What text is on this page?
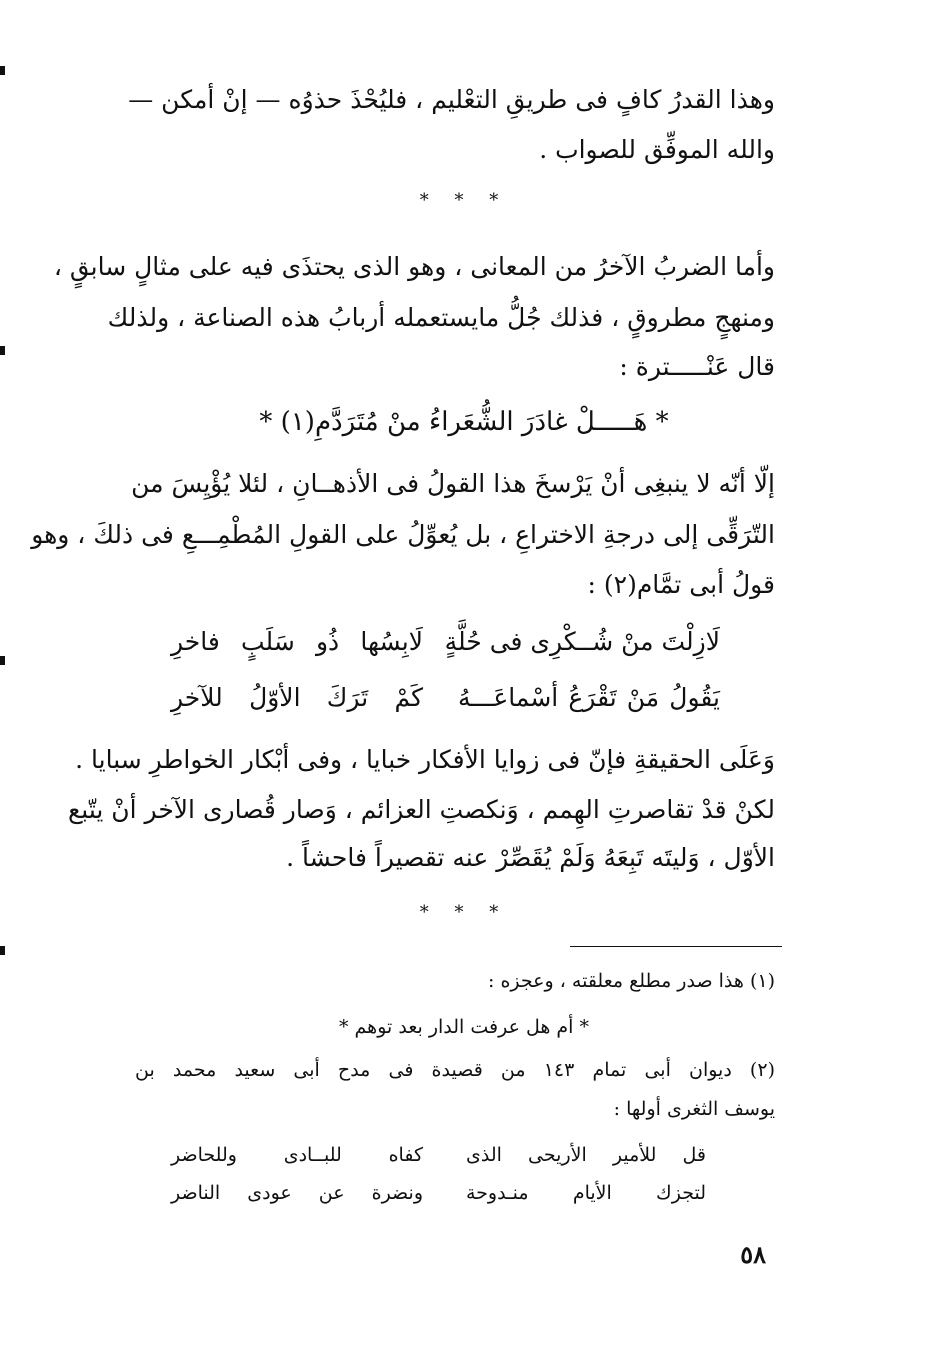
وهذا القدرُ كافٍ فى طريقِ التعْليم ، فليُحْذَ حذوُه — إنْ أمكن —
والله الموفِّق للصواب .
* * *
وأما الضربُ الآخرُ من المعانى ، وهو الذى يحتذَى فيه على مثالٍ سابقٍ ،
ومنهجٍ مطروقٍ ، فذلك جُلُّ مايستعمله أربابُ هذه الصناعة ، ولذلك
قال عَنْـــــترة :
* هَـــــلْ غادَرَ الشُّعَراءُ منْ مُتَرَدَّمِ(١) *
إلّا أنّه لا ينبغِى أنْ يَرْسخَ هذا القولُ فى الأذهــانِ ، لئلا يُؤْيِسَ من
التّرَقِّى إلى درجةِ الاختراعِ ، بل يُعوِّلُ على القولِ المُطْمِـــعِ فى ذلكَ ، وهو
قولُ أبى تمَّام(٢) :
لَازِلْتَ منْ شُــكْرِى فى حُلَّةٍ
لَابِسُها ذُو سَلَبٍ فاخرِ
يَقُولُ مَنْ تَقْرَعُ أسْماعَـــهُ
كَمْ تَرَكَ الأوّلُ للآخرِ
وَعَلَى الحقيقةِ فإنّ فى زوايا الأفكار خبايا ، وفى أبْكار الخواطرِ سبايا .
لكنْ قدْ تقاصرتِ الهِمم ، وَنكصتِ العزائم ، وَصار قُصارى الآخر أنْ يتّبع
الأوّل ، وَليتَه تَبِعَهُ وَلَمْ يُقَصِّرْ عنه تقصيراً فاحشاً .
* * *
(١) هذا صدر مطلع معلقته ، وعجزه :
* أم هل عرفت الدار بعد توهم *
(٢) ديوان أبى تمام ١٤٣ من قصيدة فى مدح أبى سعيد محمد بن
يوسف الثغرى أولها :
قل للأمير الأريحى الذى
كفاه للبــادى وللحاضر
لتجزك الأيام منـدوحة
ونضرة عن عودى الناضر
٥٨
